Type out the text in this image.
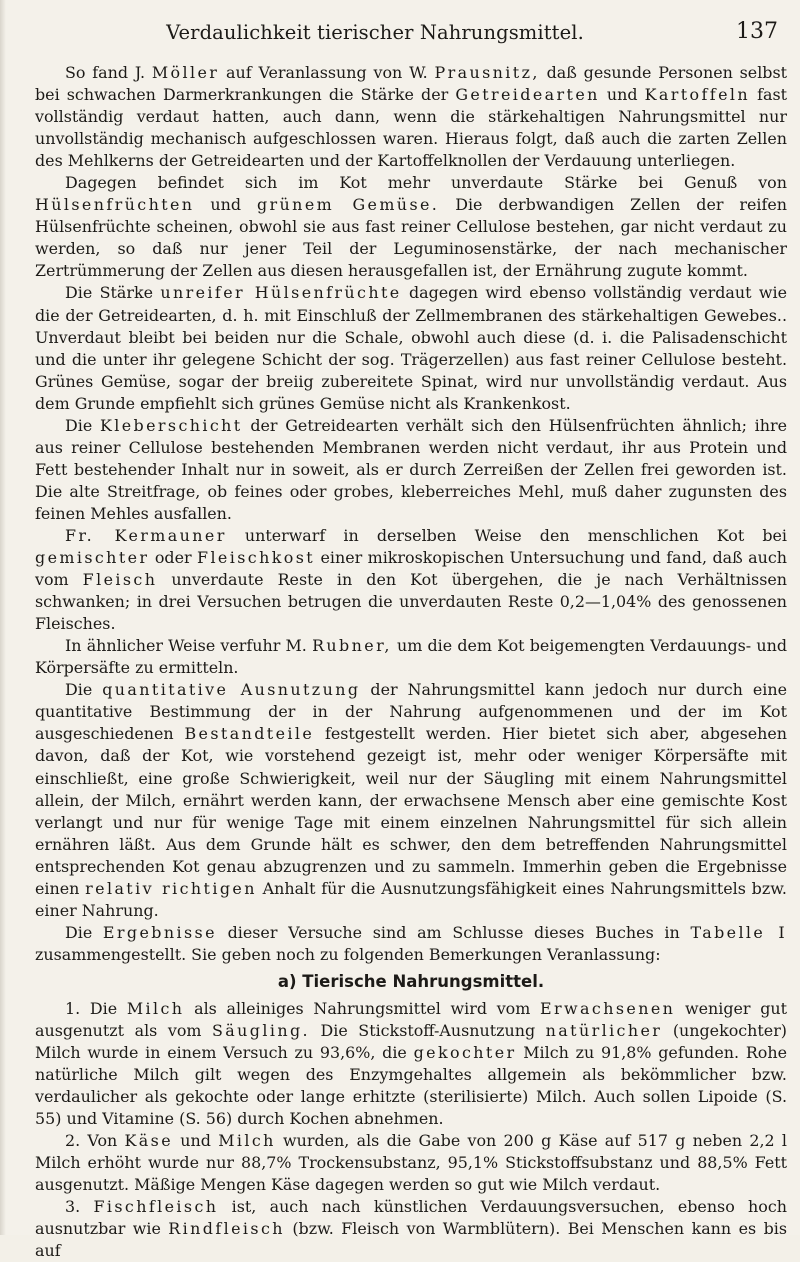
Verdaulichkeit tierischer Nahrungsmittel.	137

So fand J. Möller auf Veranlassung von W. Prausnitz, daß gesunde Personen selbst bei schwachen Darmerkrankungen die Stärke der Getreidearten und Kartoffeln fast vollständig verdaut hatten, auch dann, wenn die stärkehaltigen Nahrungsmittel nur unvollständig mechanisch aufgeschlossen waren. Hieraus folgt, daß auch die zarten Zellen des Mehlkerns der Getreidearten und der Kartoffelknollen der Verdauung unterliegen.

Dagegen befindet sich im Kot mehr unverdaute Stärke bei Genuß von Hülsenfrüchten und grünem Gemüse. Die derbwandigen Zellen der reifen Hülsenfrüchte scheinen, obwohl sie aus fast reiner Cellulose bestehen, gar nicht verdaut zu werden, so daß nur jener Teil der Leguminosenstärke, der nach mechanischer Zertrümmerung der Zellen aus diesen herausgefallen ist, der Ernährung zugute kommt.

Die Stärke unreifer Hülsenfrüchte dagegen wird ebenso vollständig verdaut wie die der Getreidearten, d. h. mit Einschluß der Zellmembranen des stärkehaltigen Gewebes.. Unverdaut bleibt bei beiden nur die Schale, obwohl auch diese (d. i. die Palisadenschicht und die unter ihr gelegene Schicht der sog. Trägerzellen) aus fast reiner Cellulose besteht. Grünes Gemüse, sogar der breiig zubereitete Spinat, wird nur unvollständig verdaut. Aus dem Grunde empfiehlt sich grünes Gemüse nicht als Krankenkost.

Die Kleberschicht der Getreidearten verhält sich den Hülsenfrüchten ähnlich; ihre aus reiner Cellulose bestehenden Membranen werden nicht verdaut, ihr aus Protein und Fett bestehender Inhalt nur in soweit, als er durch Zerreißen der Zellen frei geworden ist. Die alte Streitfrage, ob feines oder grobes, kleberreiches Mehl, muß daher zugunsten des feinen Mehles ausfallen.

Fr. Kermauner unterwarf in derselben Weise den menschlichen Kot bei gemischter oder Fleischkost einer mikroskopischen Untersuchung und fand, daß auch vom Fleisch unverdaute Reste in den Kot übergehen, die je nach Verhältnissen schwanken; in drei Versuchen betrugen die unverdauten Reste 0,2—1,04% des genossenen Fleisches.

In ähnlicher Weise verfuhr M. Rubner, um die dem Kot beigemengten Verdauungs- und Körpersäfte zu ermitteln.

Die quantitative Ausnutzung der Nahrungsmittel kann jedoch nur durch eine quantitative Bestimmung der in der Nahrung aufgenommenen und der im Kot ausgeschiedenen Bestandteile festgestellt werden. Hier bietet sich aber, abgesehen davon, daß der Kot, wie vorstehend gezeigt ist, mehr oder weniger Körpersäfte mit einschließt, eine große Schwierigkeit, weil nur der Säugling mit einem Nahrungsmittel allein, der Milch, ernährt werden kann, der erwachsene Mensch aber eine gemischte Kost verlangt und nur für wenige Tage mit einem einzelnen Nahrungsmittel für sich allein ernähren läßt. Aus dem Grunde hält es schwer, den dem betreffenden Nahrungsmittel entsprechenden Kot genau abzugrenzen und zu sammeln. Immerhin geben die Ergebnisse einen relativ richtigen Anhalt für die Ausnutzungsfähigkeit eines Nahrungsmittels bzw. einer Nahrung.

Die Ergebnisse dieser Versuche sind am Schlusse dieses Buches in Tabelle I zusammengestellt. Sie geben noch zu folgenden Bemerkungen Veranlassung:

a) Tierische Nahrungsmittel.

1. Die Milch als alleiniges Nahrungsmittel wird vom Erwachsenen weniger gut ausgenutzt als vom Säugling. Die Stickstoff-Ausnutzung natürlicher (ungekochter) Milch wurde in einem Versuch zu 93,6%, die gekochter Milch zu 91,8% gefunden. Rohe natürliche Milch gilt wegen des Enzymgehaltes allgemein als bekömmlicher bzw. verdaulicher als gekochte oder lange erhitzte (sterilisierte) Milch. Auch sollen Lipoide (S. 55) und Vitamine (S. 56) durch Kochen abnehmen.

2. Von Käse und Milch wurden, als die Gabe von 200 g Käse auf 517 g neben 2,2 l Milch erhöht wurde nur 88,7% Trockensubstanz, 95,1% Stickstoffsubstanz und 88,5% Fett ausgenutzt. Mäßige Mengen Käse dagegen werden so gut wie Milch verdaut.

3. Fischfleisch ist, auch nach künstlichen Verdauungsversuchen, ebenso hoch ausnutzbar wie Rindfleisch (bzw. Fleisch von Warmblütern). Bei Menschen kann es bis auf
